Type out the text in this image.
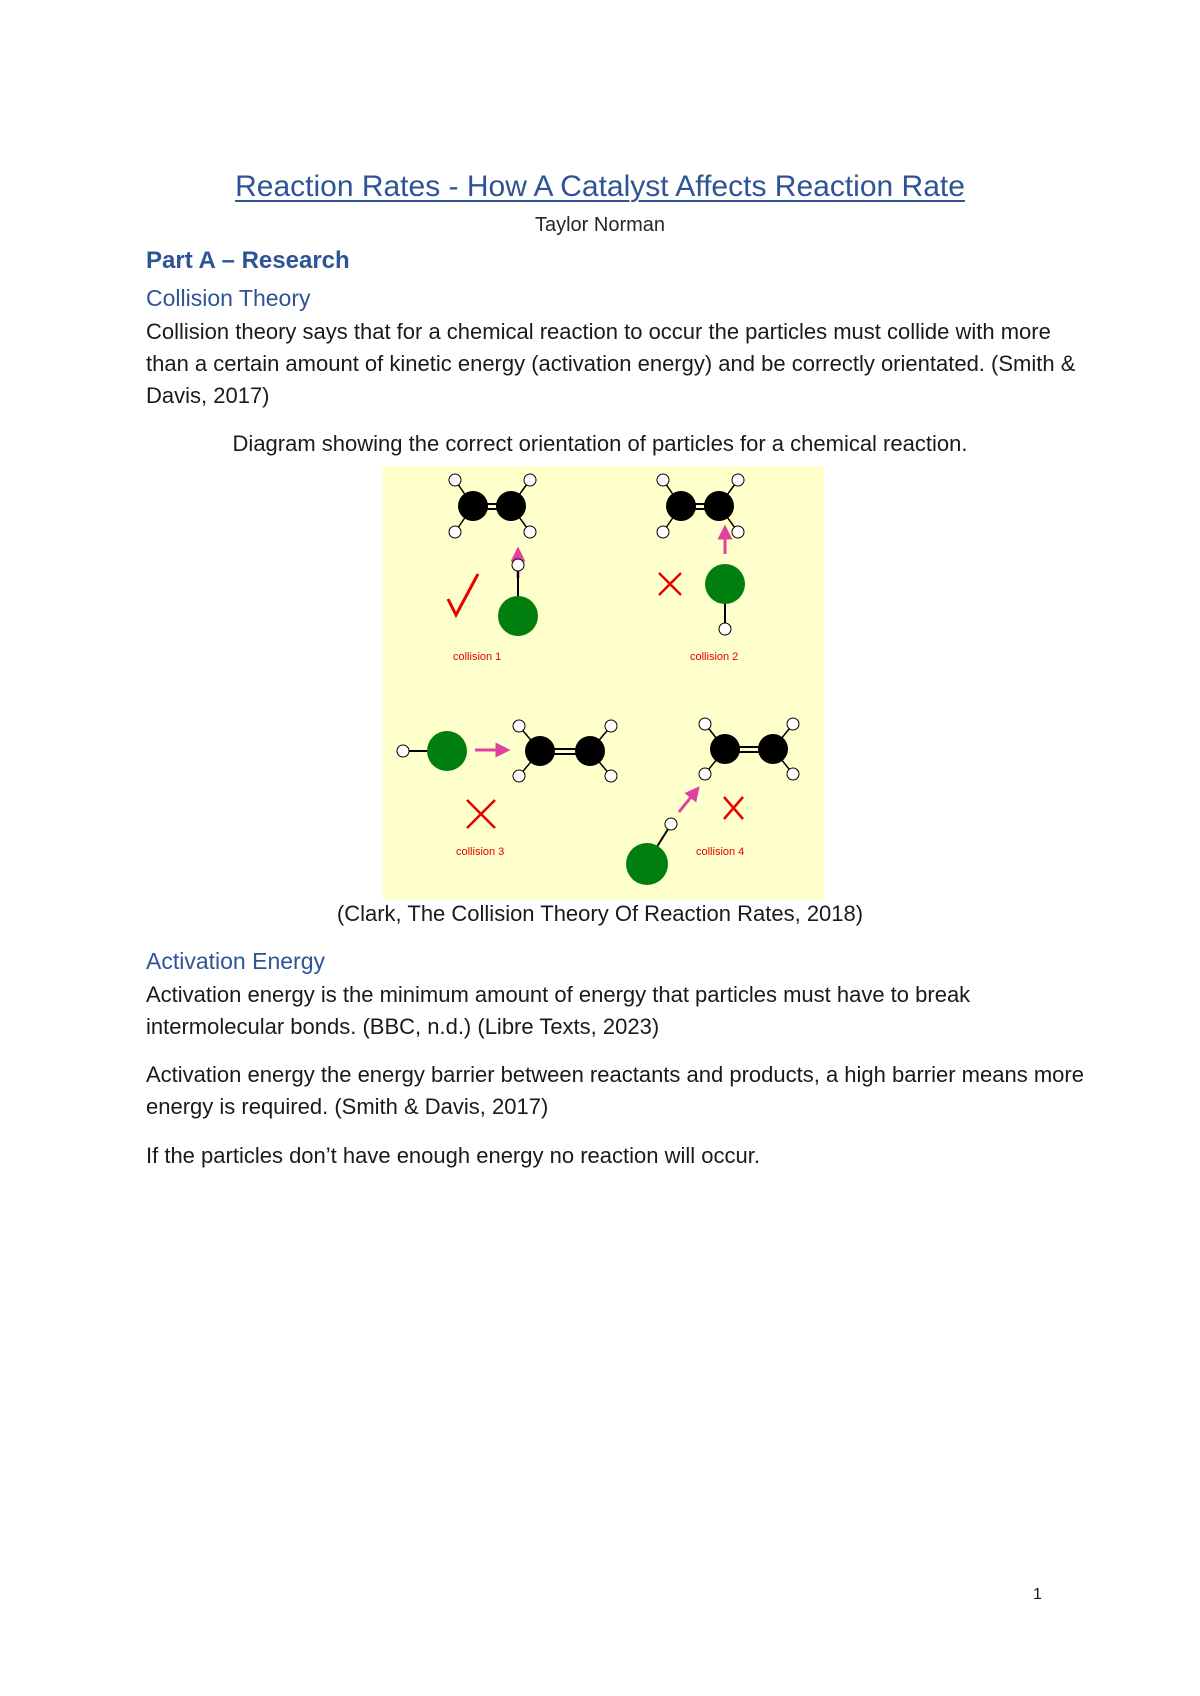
Reaction Rates - How A Catalyst Affects Reaction Rate
Taylor Norman
Part A – Research
Collision Theory

Collision theory says that for a chemical reaction to occur the particles must collide with more than a certain amount of kinetic energy (activation energy) and be correctly orientated. (Smith & Davis, 2017)

Diagram showing the correct orientation of particles for a chemical reaction.

collision 1	collision 2
collision 3	collision 4

(Clark, The Collision Theory Of Reaction Rates, 2018)

Activation Energy

Activation energy is the minimum amount of energy that particles must have to break intermolecular bonds. (BBC, n.d.) (Libre Texts, 2023)

Activation energy the energy barrier between reactants and products, a high barrier means more energy is required. (Smith & Davis, 2017)

If the particles don’t have enough energy no reaction will occur.

1
